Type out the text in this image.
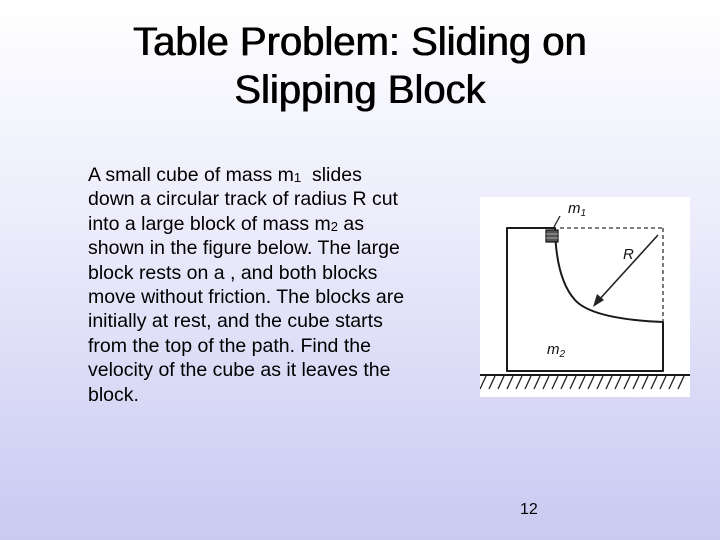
Table Problem: Sliding on
Slipping Block
A small cube of mass $m_1$  slides
down a circular track of radius R cut
into a large block of mass $m_2$ as
shown in the figure below. The large
block rests on a , and both blocks
move without friction. The blocks are
initially at rest, and the cube starts
from the top of the path. Find the
velocity of the cube as it leaves the
block.
$m_1$
R
$m_2$
12
